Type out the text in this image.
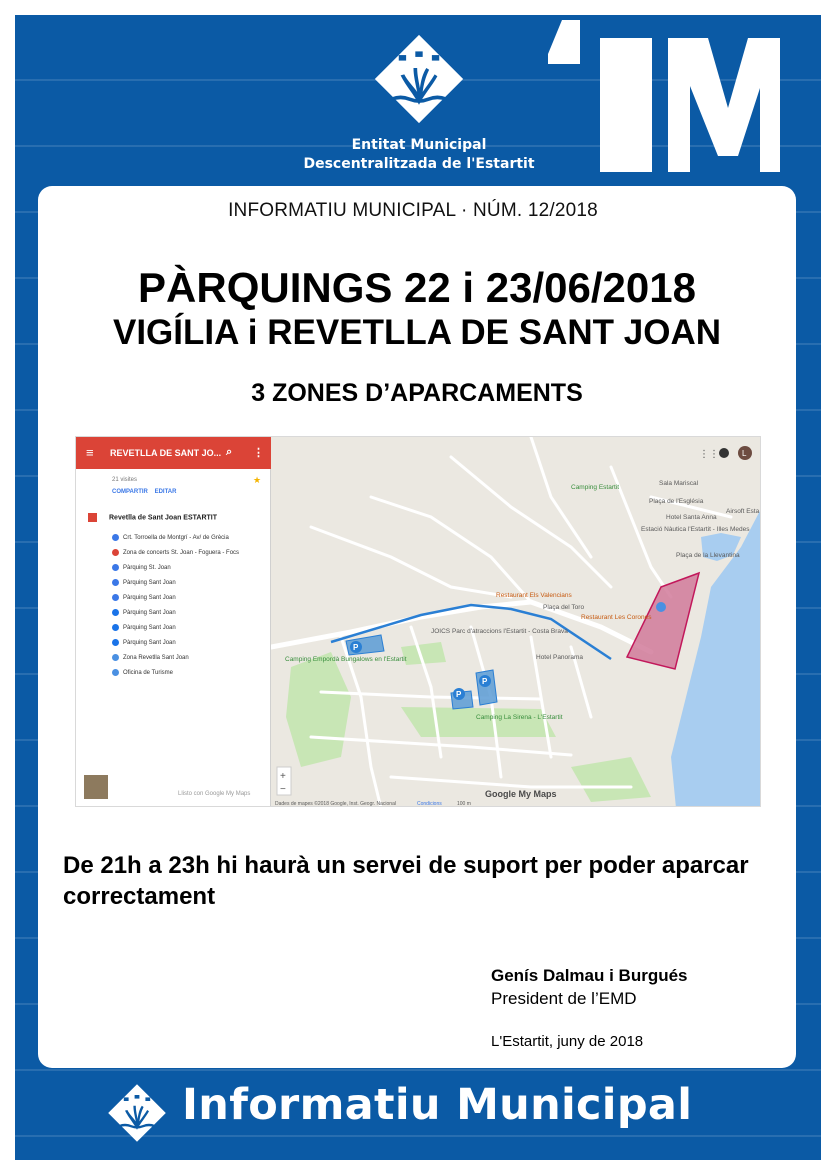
Entitat Municipal
Descentralitzada de l'Estartit
INFORMATIU MUNICIPAL · NÚM. 12/2018
PÀRQUINGS 22 i 23/06/2018
VIGÍLIA i REVETLLA DE SANT JOAN
3 ZONES D’APARCAMENTS
≡ REVETLLA DE SANT JO... ⌕ ⋮
21 visites	★
COMPARTIR EDITAR
Revetlla de Sant Joan ESTARTIT
Crt. Torroella de Montgrí - Av/ de Grècia
Zona de concerts St. Joan - Foguera - Focs
Pàrquing St. Joan
Pàrquing Sant Joan
Pàrquing Sant Joan
Pàrquing Sant Joan
Pàrquing Sant Joan
Pàrquing Sant Joan
Zona Revetlla Sant Joan
Oficina de Turisme
Llisto con Google My Maps
P
P
P
Camping Estartit
Sala Mariscal
Plaça de l'Església
Hotel Santa Anna
Airsoft Esta
Estació Nàutica l'Estartit - Illes Medes
Plaça de la Llevantina
Restaurant Els Valencians
Plaça del Toro
Restaurant Les Corones
JOICS Parc d'atraccions l'Estartit - Costa Brava
Hotel Panorama
Camping Empordà Bungalows en l'Estartit
Camping La Sirena - L'Estartit
Dades de mapes ©2018 Google, Inst. Geogr. Nacional	Condicions	100 m
Google My Maps
+
−
⋮⋮	L
De 21h a 23h hi haurà un servei de suport per poder aparcar correctament
Genís Dalmau i Burgués
President de l’EMD
L'Estartit, juny de 2018
Informatiu Municipal
